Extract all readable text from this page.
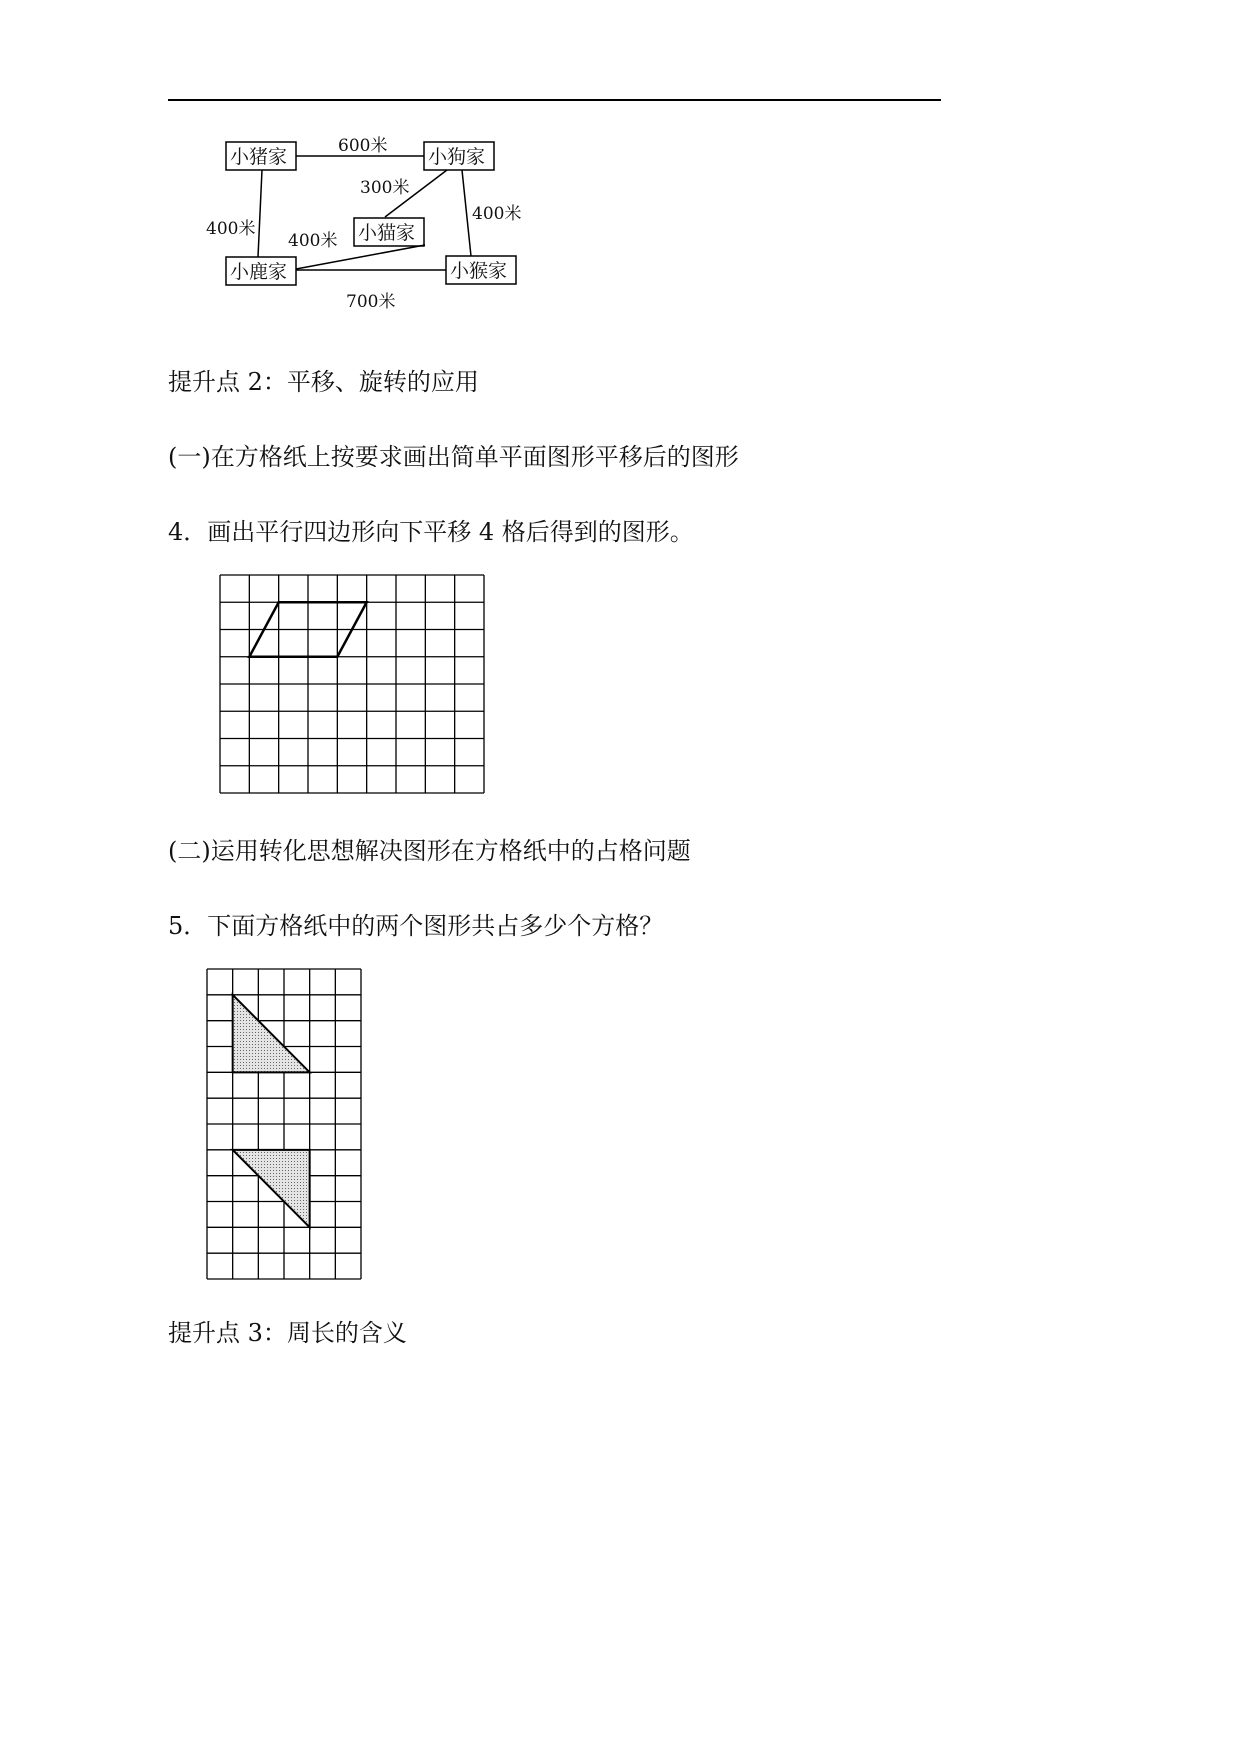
小猪家	小狗家
小猫家
小鹿家	小猴家
600米
300米
400米
400米
400米
700米
提升点 2：平移、旋转的应用
(一)在方格纸上按要求画出简单平面图形平移后的图形
4．画出平行四边形向下平移 4 格后得到的图形。
(二)运用转化思想解决图形在方格纸中的占格问题
5．下面方格纸中的两个图形共占多少个方格？
提升点 3：周长的含义
